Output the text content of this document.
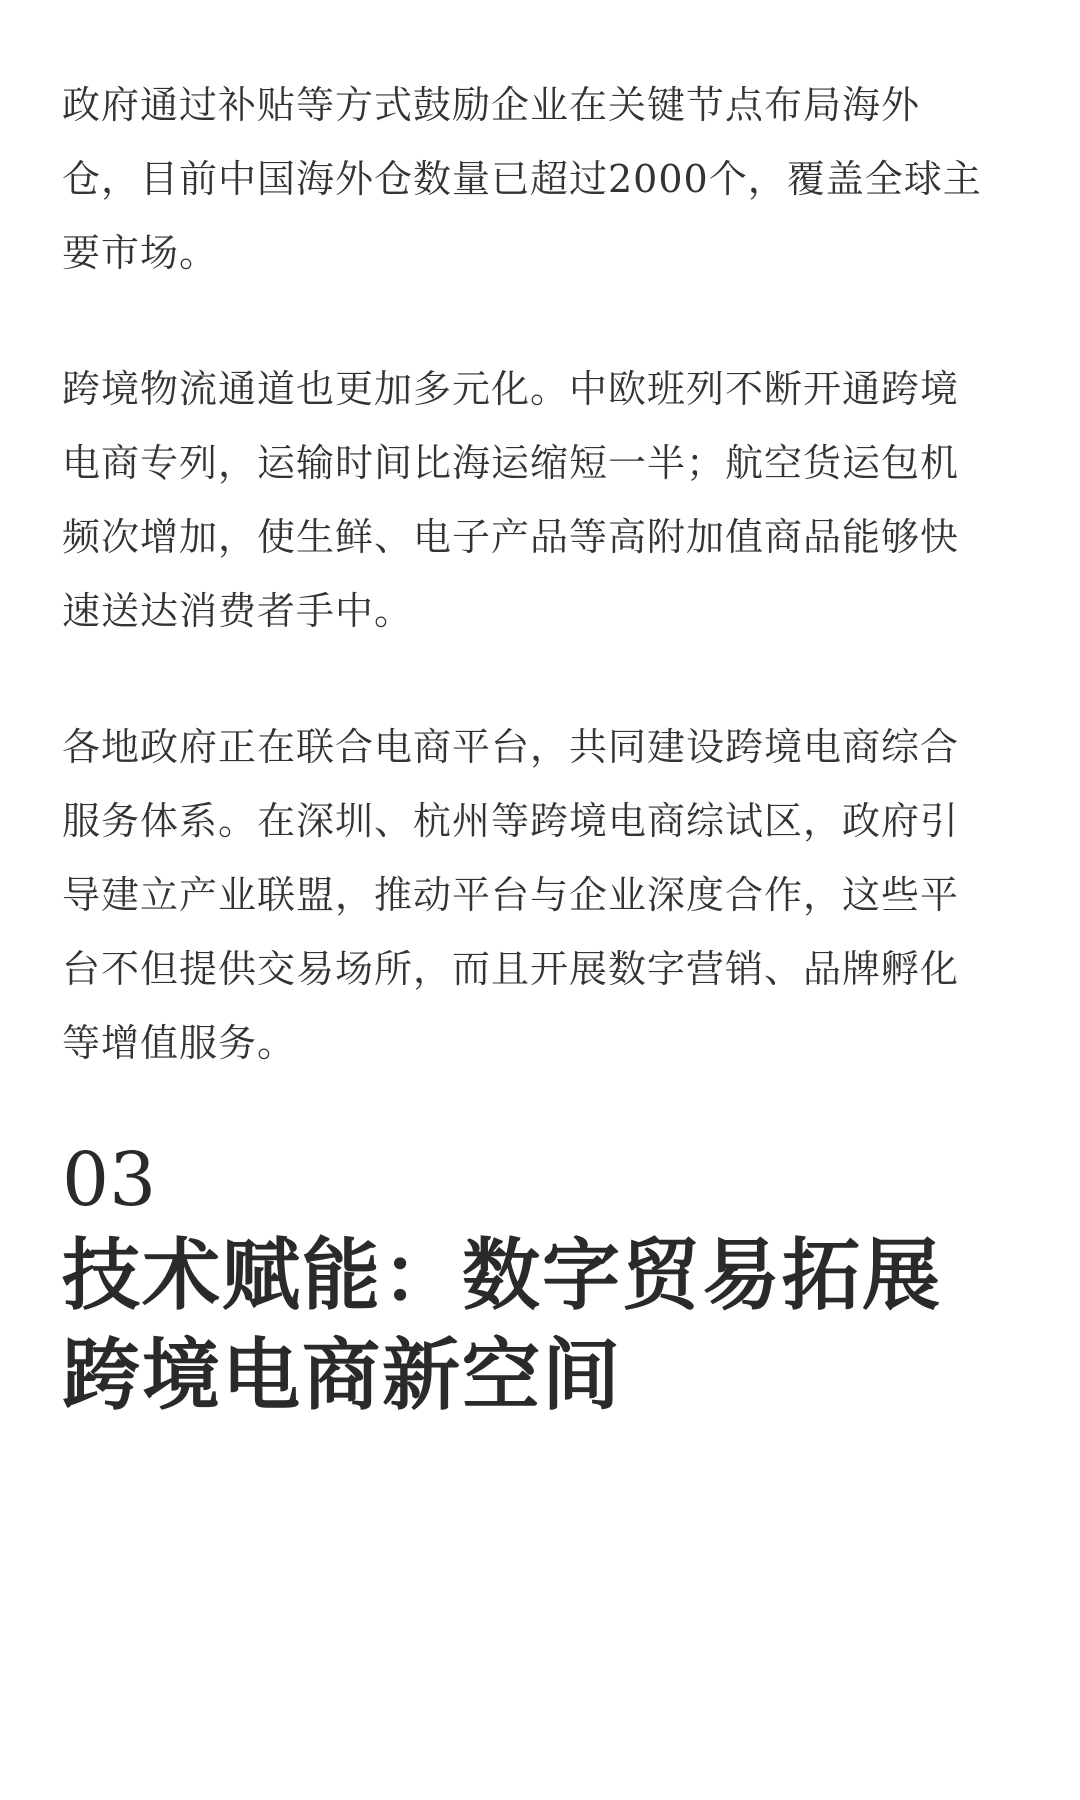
政府通过补贴等方式鼓励企业在关键节点布局海外
仓，目前中国海外仓数量已超过2000个，覆盖全球主
要市场。

跨境物流通道也更加多元化。中欧班列不断开通跨境
电商专列，运输时间比海运缩短一半；航空货运包机
频次增加，使生鲜、电子产品等高附加值商品能够快
速送达消费者手中。

各地政府正在联合电商平台，共同建设跨境电商综合
服务体系。在深圳、杭州等跨境电商综试区，政府引
导建立产业联盟，推动平台与企业深度合作，这些平
台不但提供交易场所，而且开展数字营销、品牌孵化
等增值服务。

03
技术赋能：数字贸易拓展
跨境电商新空间
